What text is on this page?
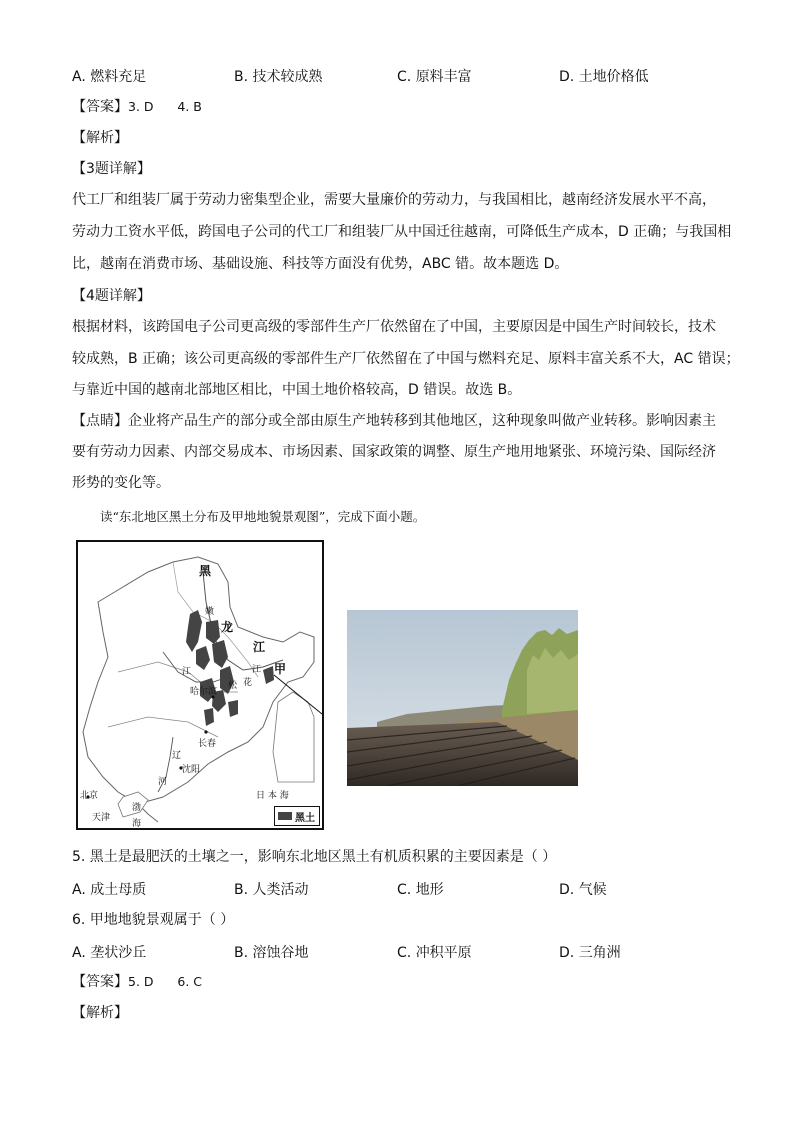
A. 燃料充足	B. 技术较成熟	C. 原料丰富	D. 土地价格低
【答案】3. D      4. B
【解析】
【3题详解】
代工厂和组装厂属于劳动力密集型企业，需要大量廉价的劳动力，与我国相比，越南经济发展水平不高，
劳动力工资水平低，跨国电子公司的代工厂和组装厂从中国迁往越南，可降低生产成本，D 正确；与我国相
比，越南在消费市场、基础设施、科技等方面没有优势，ABC 错。故本题选 D。
【4题详解】
根据材料，该跨国电子公司更高级的零部件生产厂依然留在了中国，主要原因是中国生产时间较长，技术
较成熟，B 正确；该公司更高级的零部件生产厂依然留在了中国与燃料充足、原料丰富关系不大，AC 错误；
与靠近中国的越南北部地区相比，中国土地价格较高，D 错误。故选 B。
【点睛】企业将产品生产的部分或全部由原生产地转移到其他地区，这种现象叫做产业转移。影响因素主
要有劳动力因素、内部交易成本、市场因素、国家政策的调整、原生产地用地紧张、环境污染、国际经济
形势的变化等。
读“东北地区黑土分布及甲地地貌景观图”，完成下面小题。
黑
嫩
龙
江
甲
江	江
哈尔滨
松 花
长春
辽
沈阳
河
北京
渤
海
天津
日 本 海
黑土
5. 黑土是最肥沃的土壤之一，影响东北地区黑土有机质积累的主要因素是（ ）
A. 成土母质	B. 人类活动	C. 地形	D. 气候
6. 甲地地貌景观属于（ ）
A. 垄状沙丘	B. 溶蚀谷地	C. 冲积平原	D. 三角洲
【答案】5. D      6. C
【解析】
